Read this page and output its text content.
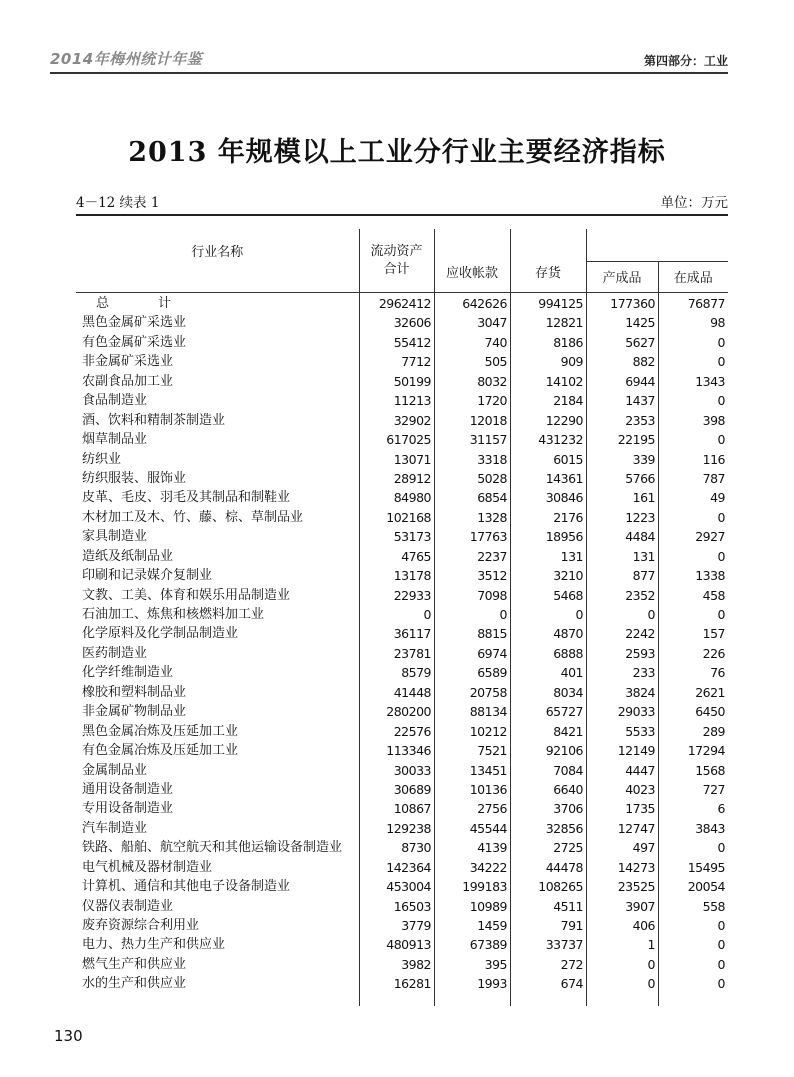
2014年梅州统计年鉴	第四部分：工业
2013 年规模以上工业分行业主要经济指标
4－12 续表 1	单位：万元
行业名称	流动资产合计	应收帐款	存货		
				产成品	在成品
总　计	2962412	642626	994125	177360	76877
黑色金属矿采选业	32606	3047	12821	1425	98
有色金属矿采选业	55412	740	8186	5627	0
非金属矿采选业	7712	505	909	882	0
农副食品加工业	50199	8032	14102	6944	1343
食品制造业	11213	1720	2184	1437	0
酒、饮料和精制茶制造业	32902	12018	12290	2353	398
烟草制品业	617025	31157	431232	22195	0
纺织业	13071	3318	6015	339	116
纺织服装、服饰业	28912	5028	14361	5766	787
皮革、毛皮、羽毛及其制品和制鞋业	84980	6854	30846	161	49
木材加工及木、竹、藤、棕、草制品业	102168	1328	2176	1223	0
家具制造业	53173	17763	18956	4484	2927
造纸及纸制品业	4765	2237	131	131	0
印刷和记录媒介复制业	13178	3512	3210	877	1338
文教、工美、体育和娱乐用品制造业	22933	7098	5468	2352	458
石油加工、炼焦和核燃料加工业	0	0	0	0	0
化学原料及化学制品制造业	36117	8815	4870	2242	157
医药制造业	23781	6974	6888	2593	226
化学纤维制造业	8579	6589	401	233	76
橡胶和塑料制品业	41448	20758	8034	3824	2621
非金属矿物制品业	280200	88134	65727	29033	6450
黑色金属冶炼及压延加工业	22576	10212	8421	5533	289
有色金属冶炼及压延加工业	113346	7521	92106	12149	17294
金属制品业	30033	13451	7084	4447	1568
通用设备制造业	30689	10136	6640	4023	727
专用设备制造业	10867	2756	3706	1735	6
汽车制造业	129238	45544	32856	12747	3843
铁路、船舶、航空航天和其他运输设备制造业	8730	4139	2725	497	0
电气机械及器材制造业	142364	34222	44478	14273	15495
计算机、通信和其他电子设备制造业	453004	199183	108265	23525	20054
仪器仪表制造业	16503	10989	4511	3907	558
废弃资源综合利用业	3779	1459	791	406	0
电力、热力生产和供应业	480913	67389	33737	1	0
燃气生产和供应业	3982	395	272	0	0
水的生产和供应业	16281	1993	674	0	0
130
